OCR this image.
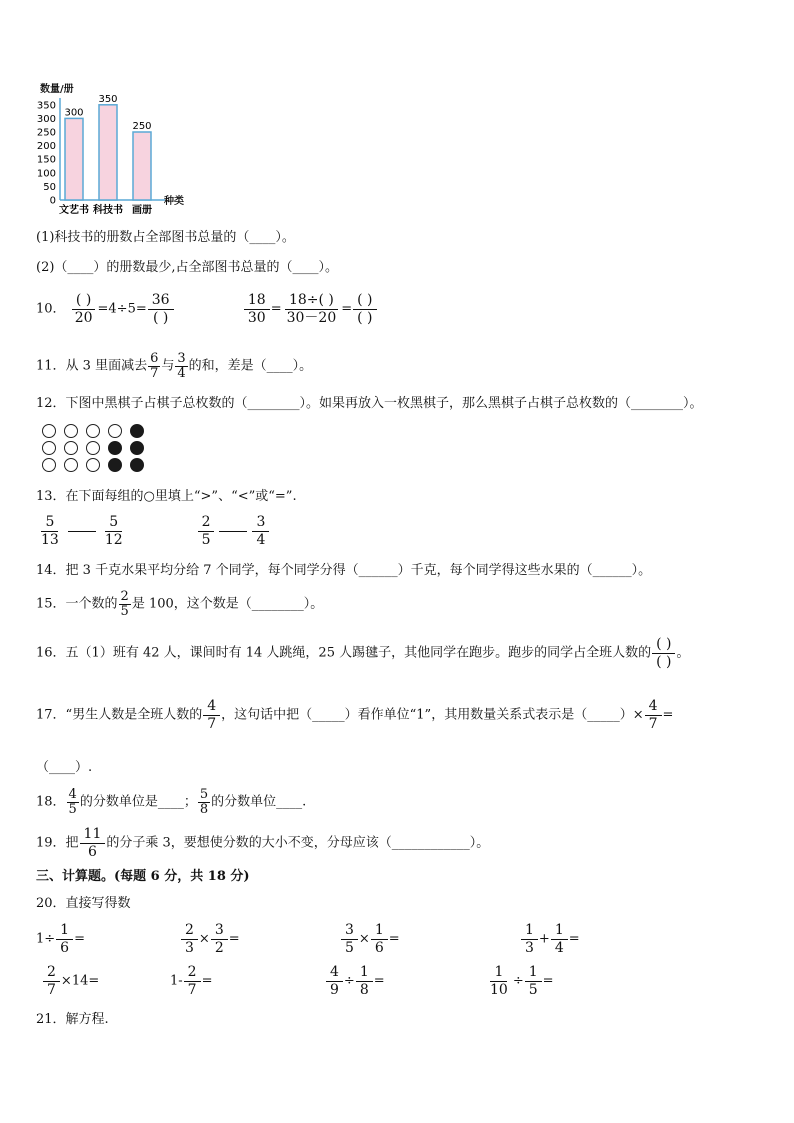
数量/册
0
50
100
150
200
250
300
350
300
350
250
文艺书 科技书 画册
种类
(1)科技书的册数占全部图书总量的（____）。
(2)（____）的册数最少,占全部图书总量的（____）。
10． $\frac{( )}{20} =4\div 5= \frac{36}{( )}$
	$\frac{18}{30} = \frac{18\div( )}{30-20} = \frac{( )}{( )}$
11．从 3 里面减去 $\frac{6}{7}$ 与 $\frac{3}{4}$ 的和，差是（____）。
12．下图中黑棋子占棋子总枚数的（________）。如果再放入一枚黑棋子，那么黑棋子占棋子总枚数的（________）。
13．在下面每组的○里填上“>”、“<”或“=”.
$\frac{5}{13}$	$\frac{5}{12}$
	$\frac{2}{5}$	$\frac{3}{4}$
14．把 3 千克水果平均分给 7 个同学，每个同学分得（______）千克，每个同学得这些水果的（______）。
15．一个数的 $\frac{2}{5}$ 是 100，这个数是（________）。
16．五（1）班有 42 人，课间时有 14 人跳绳，25 人踢毽子，其他同学在跑步。跑步的同学占全班人数的 $\frac{( )}{( )}$ 。
17．“男生人数是全班人数的 $\frac{4}{7}$ ，这句话中把（_____）看作单位“1”，其用数量关系式表示是（_____）× $\frac{4}{7}$ =
（____）.
18． $\frac{4}{5}$ 的分数单位是____； $\frac{5}{8}$ 的分数单位____.
19．把 $\frac{11}{6}$ 的分子乘 3，要想使分数的大小不变，分母应该（____________）。
三、计算题。(每题 6 分，共 18 分)
20．直接写得数
$1\div \frac{1}{6}$ =	$\frac{2}{3} \times \frac{3}{2}$ =	$\frac{3}{5} \times \frac{1}{6}$ =	$\frac{1}{3} + \frac{1}{4}$ =
$\frac{2}{7} \times 14=$	$1- \frac{2}{7}$ =	$\frac{4}{9} \div \frac{1}{8}$ =	$\frac{1}{10} \div \frac{1}{5}$ =
21．解方程.
